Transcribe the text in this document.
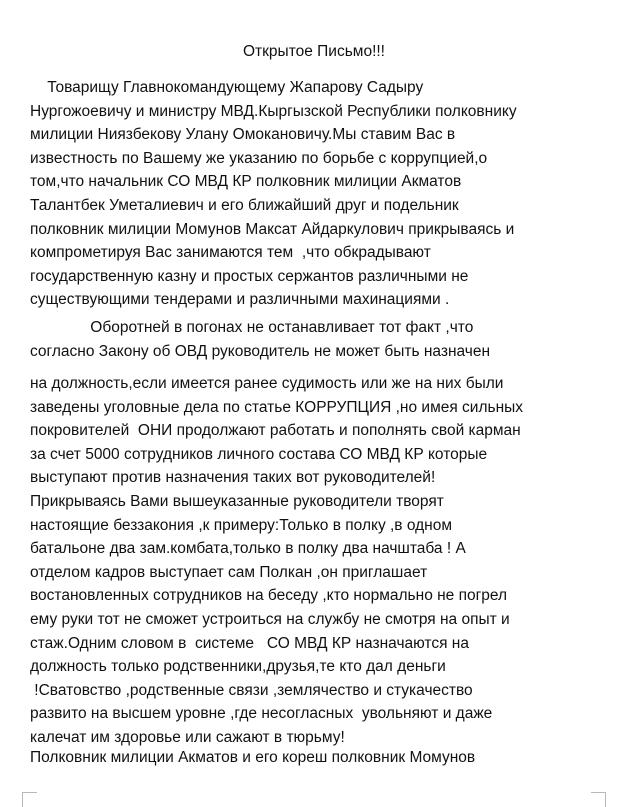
Открытое Письмо!!!
Товарищу Главнокомандующему Жапарову Садыру
Нургожоевичу и министру МВД.Кыргызской Республики полковнику
милиции Ниязбекову Улану Омокановичу.Мы ставим Вас в
известность по Вашему же указанию по борьбе с коррупцией,о
том,что начальник СО МВД КР полковник милиции Акматов
Талантбек Уметалиевич и его ближайший друг и подельник
полковник милиции Момунов Максат Айдаркулович прикрываясь и
компрометируя Вас занимаются тем  ,что обкрадывают
государственную казну и простых сержантов различными не
существующими тендерами и различными махинациями .
Оборотней в погонах не останавливает тот факт ,что
согласно Закону об ОВД руководитель не может быть назначен
на должность,если имеется ранее судимость или же на них были
заведены уголовные дела по статье КОРРУПЦИЯ ,но имея сильных
покровителей  ОНИ продолжают работать и пополнять свой карман
за счет 5000 сотрудников личного состава СО МВД КР которые
выступают против назначения таких вот руководителей!
Прикрываясь Вами вышеуказанные руководители творят
настоящие беззакония ,к примеру:Только в полку ,в одном
батальоне два зам.комбата,только в полку два начштаба ! А
отделом кадров выступает сам Полкан ,он приглашает
востановленных сотрудников на беседу ,кто нормально не погрел
ему руки тот не сможет устроиться на службу не смотря на опыт и
стаж.Одним словом в  системе   СО МВД КР назначаются на
должность только родственники,друзья,те кто дал деньги
!Сватовство ,родственные связи ,землячество и стукачество
развито на высшем уровне ,где несогласных  увольняют и даже
калечат им здоровье или сажают в тюрьму!
Полковник милиции Акматов и его кореш полковник Момунов
